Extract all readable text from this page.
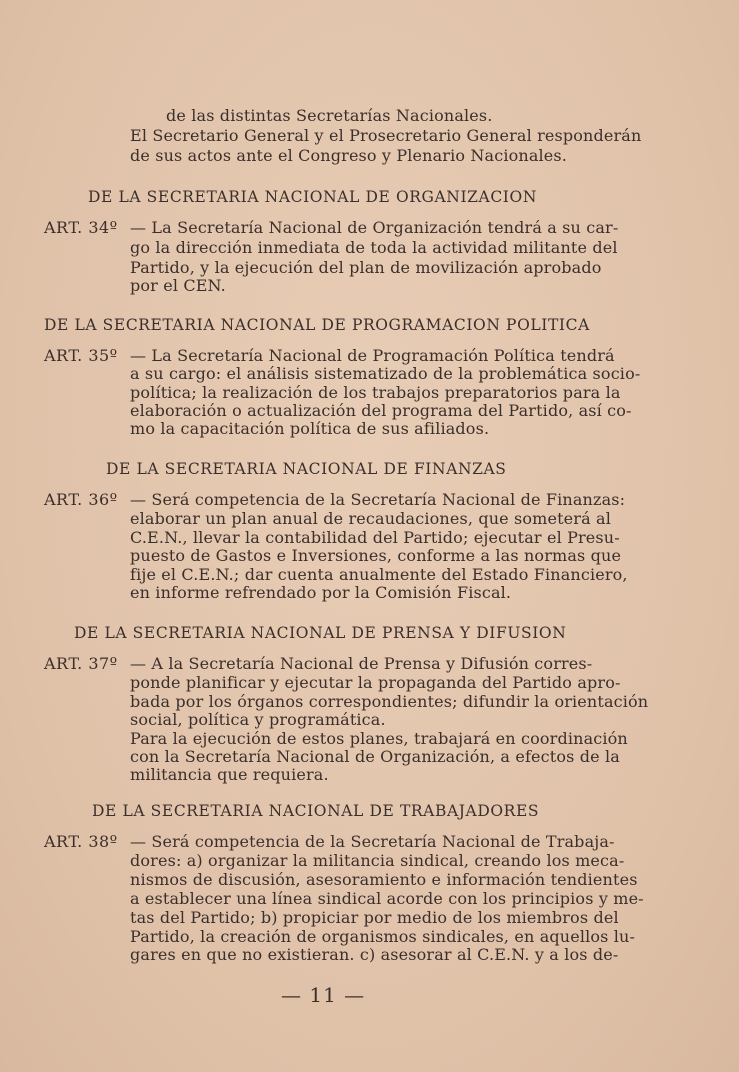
de las distintas Secretarías Nacionales.
El Secretario General y el Prosecretario General responderán
de sus actos ante el Congreso y Plenario Nacionales.
DE LA SECRETARIA NACIONAL DE ORGANIZACION
ART. 34º — La Secretaría Nacional de Organización tendrá a su car-
go la dirección inmediata de toda la actividad militante del
Partido, y la ejecución del plan de movilización aprobado
por el CEN.
DE LA SECRETARIA NACIONAL DE PROGRAMACION POLITICA
ART. 35º — La Secretaría Nacional de Programación Política tendrá
a su cargo: el análisis sistematizado de la problemática socio-
política; la realización de los trabajos preparatorios para la
elaboración o actualización del programa del Partido, así co-
mo la capacitación política de sus afiliados.
DE LA SECRETARIA NACIONAL DE FINANZAS
ART. 36º — Será competencia de la Secretaría Nacional de Finanzas:
elaborar un plan anual de recaudaciones, que someterá al
C.E.N., llevar la contabilidad del Partido; ejecutar el Presu-
puesto de Gastos e Inversiones, conforme a las normas que
fije el C.E.N.; dar cuenta anualmente del Estado Financiero,
en informe refrendado por la Comisión Fiscal.
DE LA SECRETARIA NACIONAL DE PRENSA Y DIFUSION
ART. 37º — A la Secretaría Nacional de Prensa y Difusión corres-
ponde planificar y ejecutar la propaganda del Partido apro-
bada por los órganos correspondientes; difundir la orientación
social, política y programática.
Para la ejecución de estos planes, trabajará en coordinación
con la Secretaría Nacional de Organización, a efectos de la
militancia que requiera.
DE LA SECRETARIA NACIONAL DE TRABAJADORES
ART. 38º — Será competencia de la Secretaría Nacional de Trabaja-
dores: a) organizar la militancia sindical, creando los meca-
nismos de discusión, asesoramiento e información tendientes
a establecer una línea sindical acorde con los principios y me-
tas del Partido; b) propiciar por medio de los miembros del
Partido, la creación de organismos sindicales, en aquellos lu-
gares en que no existieran. c) asesorar al C.E.N. y a los de-
— 11 —
